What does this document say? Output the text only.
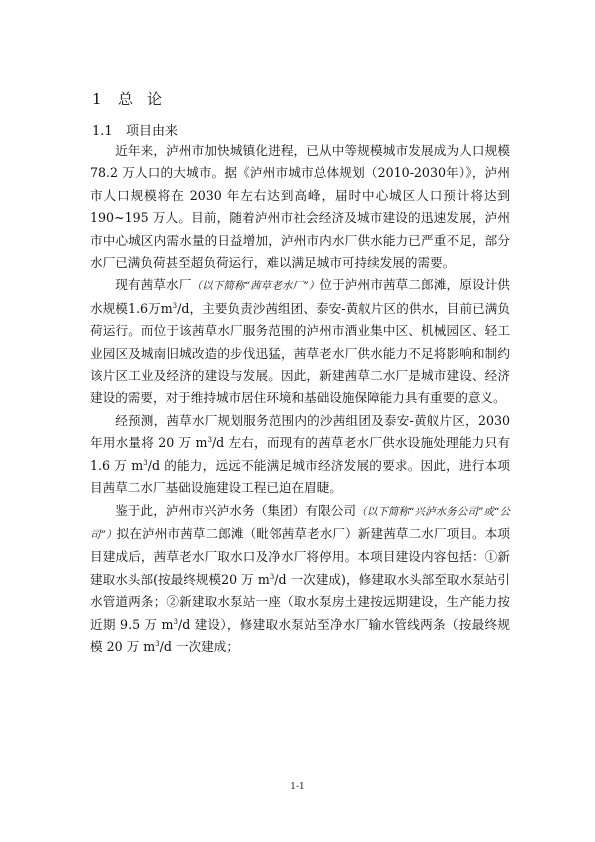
1 总论
1.1 项目由来

近年来，泸州市加快城镇化进程，已从中等规模城市发展成为人口规模 78.2 万人口的大城市。据《泸州市城市总体规划（2010-2030年）》，泸州市人口规模将在 2030 年左右达到高峰，届时中心城区人口预计将达到 190~195 万人。目前，随着泸州市社会经济及城市建设的迅速发展，泸州市中心城区内需水量的日益增加，泸州市内水厂供水能力已严重不足，部分水厂已满负荷甚至超负荷运行，难以满足城市可持续发展的需要。

现有茜草水厂（以下简称“茜草老水厂”）位于泸州市茜草二郎滩，原设计供水规模1.6万$m^3/d$，主要负责沙茜组团、泰安-黄舣片区的供水，目前已满负荷运行。而位于该茜草水厂服务范围的泸州市酒业集中区、机械园区、轻工业园区及城南旧城改造的步伐迅猛，茜草老水厂供水能力不足将影响和制约该片区工业及经济的建设与发展。因此，新建茜草二水厂是城市建设、经济建设的需要，对于维持城市居住环境和基础设施保障能力具有重要的意义。

经预测，茜草水厂规划服务范围内的沙茜组团及泰安-黄舣片区，2030 年用水量将 20 万 $m^3/d$ 左右，而现有的茜草老水厂供水设施处理能力只有 1.6 万 $m^3/d$ 的能力，远远不能满足城市经济发展的要求。因此，进行本项目茜草二水厂基础设施建设工程已迫在眉睫。

鉴于此，泸州市兴泸水务（集团）有限公司（以下简称“兴泸水务公司”或“公司”）拟在泸州市茜草二郎滩（毗邻茜草老水厂）新建茜草二水厂项目。本项目建成后，茜草老水厂取水口及净水厂将停用。本项目建设内容包括：①新建取水头部(按最终规模20 万 $m^3/d$ 一次建成)，修建取水头部至取水泵站引水管道两条；②新建取水泵站一座（取水泵房土建按远期建设，生产能力按近期 9.5 万 $m^3/d$ 建设），修建取水泵站至净水厂输水管线两条（按最终规模 20 万 $m^3/d$ 一次建成；

1-1
